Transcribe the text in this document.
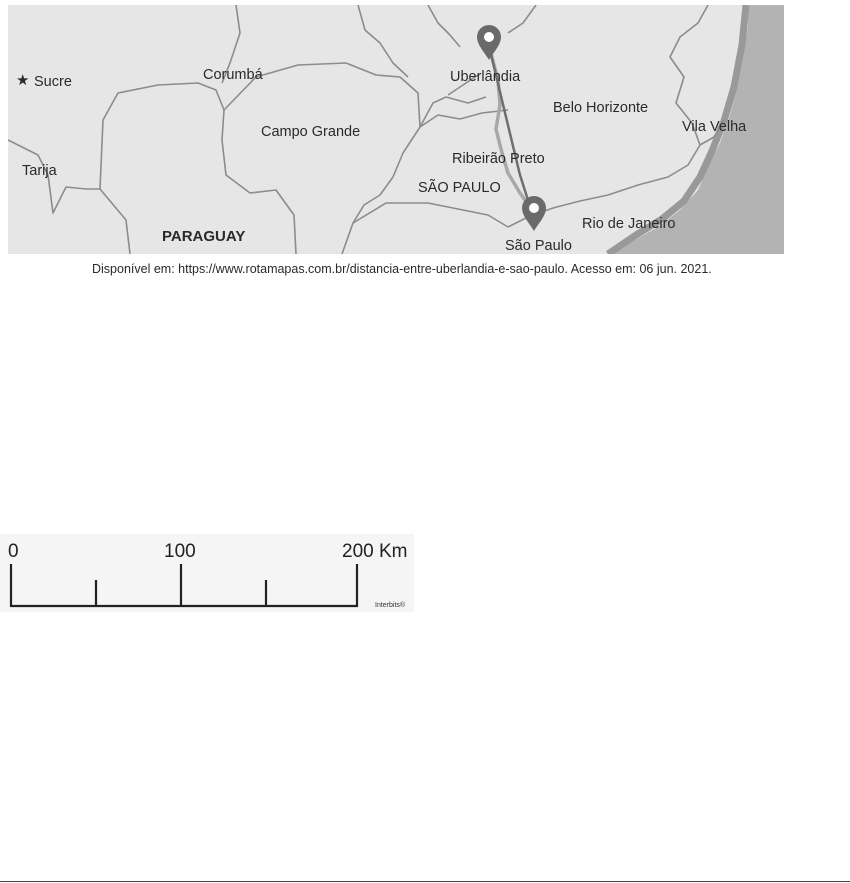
★ Sucre	Corumbá
Campo Grande
Tarija
Uberlândia
Belo Horizonte
Vila Velha
Ribeirão Preto
SÃO PAULO
Rio de Janeiro
São Paulo
PARAGUAY
Disponível em: https://www.rotamapas.com.br/distancia-entre-uberlandia-e-sao-paulo. Acesso em: 06 jun. 2021.
0	100	200 Km
Interbits®
